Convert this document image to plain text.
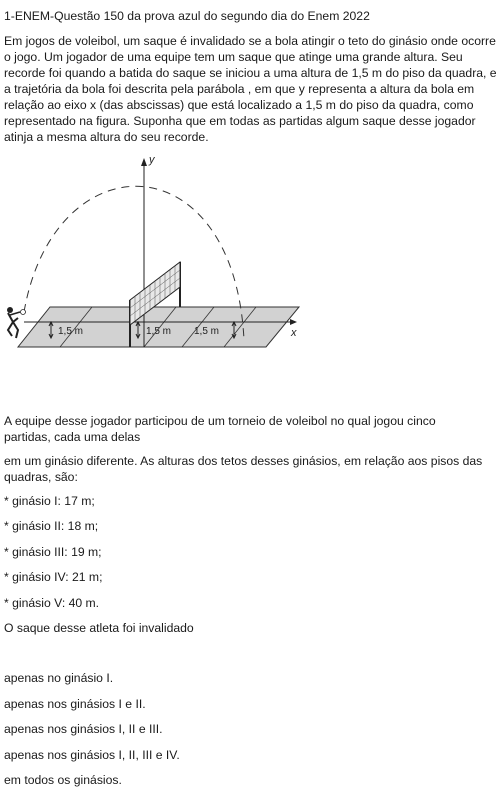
1-ENEM-Questão 150 da prova azul do segundo dia do Enem 2022
Em jogos de voleibol, um saque é invalidado se a bola atingir o teto do ginásio onde ocorre o jogo. Um jogador de uma equipe tem um saque que atinge uma grande altura. Seu recorde foi quando a batida do saque se iniciou a uma altura de 1,5 m do piso da quadra, e a trajetória da bola foi descrita pela parábola , em que y representa a altura da bola em relação ao eixo x (das abscissas) que está localizado a 1,5 m do piso da quadra, como representado na figura. Suponha que em todas as partidas algum saque desse jogador atinja a mesma altura do seu recorde.
x
y
1,5 m	1,5 m 1,5 m
A equipe desse jogador participou de um torneio de voleibol no qual jogou cinco partidas, cada uma delas
em um ginásio diferente. As alturas dos tetos desses ginásios, em relação aos pisos das quadras, são:
* ginásio I: 17 m;
* ginásio II: 18 m;
* ginásio III: 19 m;
* ginásio IV: 21 m;
* ginásio V: 40 m.
O saque desse atleta foi invalidado
apenas no ginásio I.
apenas nos ginásios I e II.
apenas nos ginásios I, II e III.
apenas nos ginásios I, II, III e IV.
em todos os ginásios.
